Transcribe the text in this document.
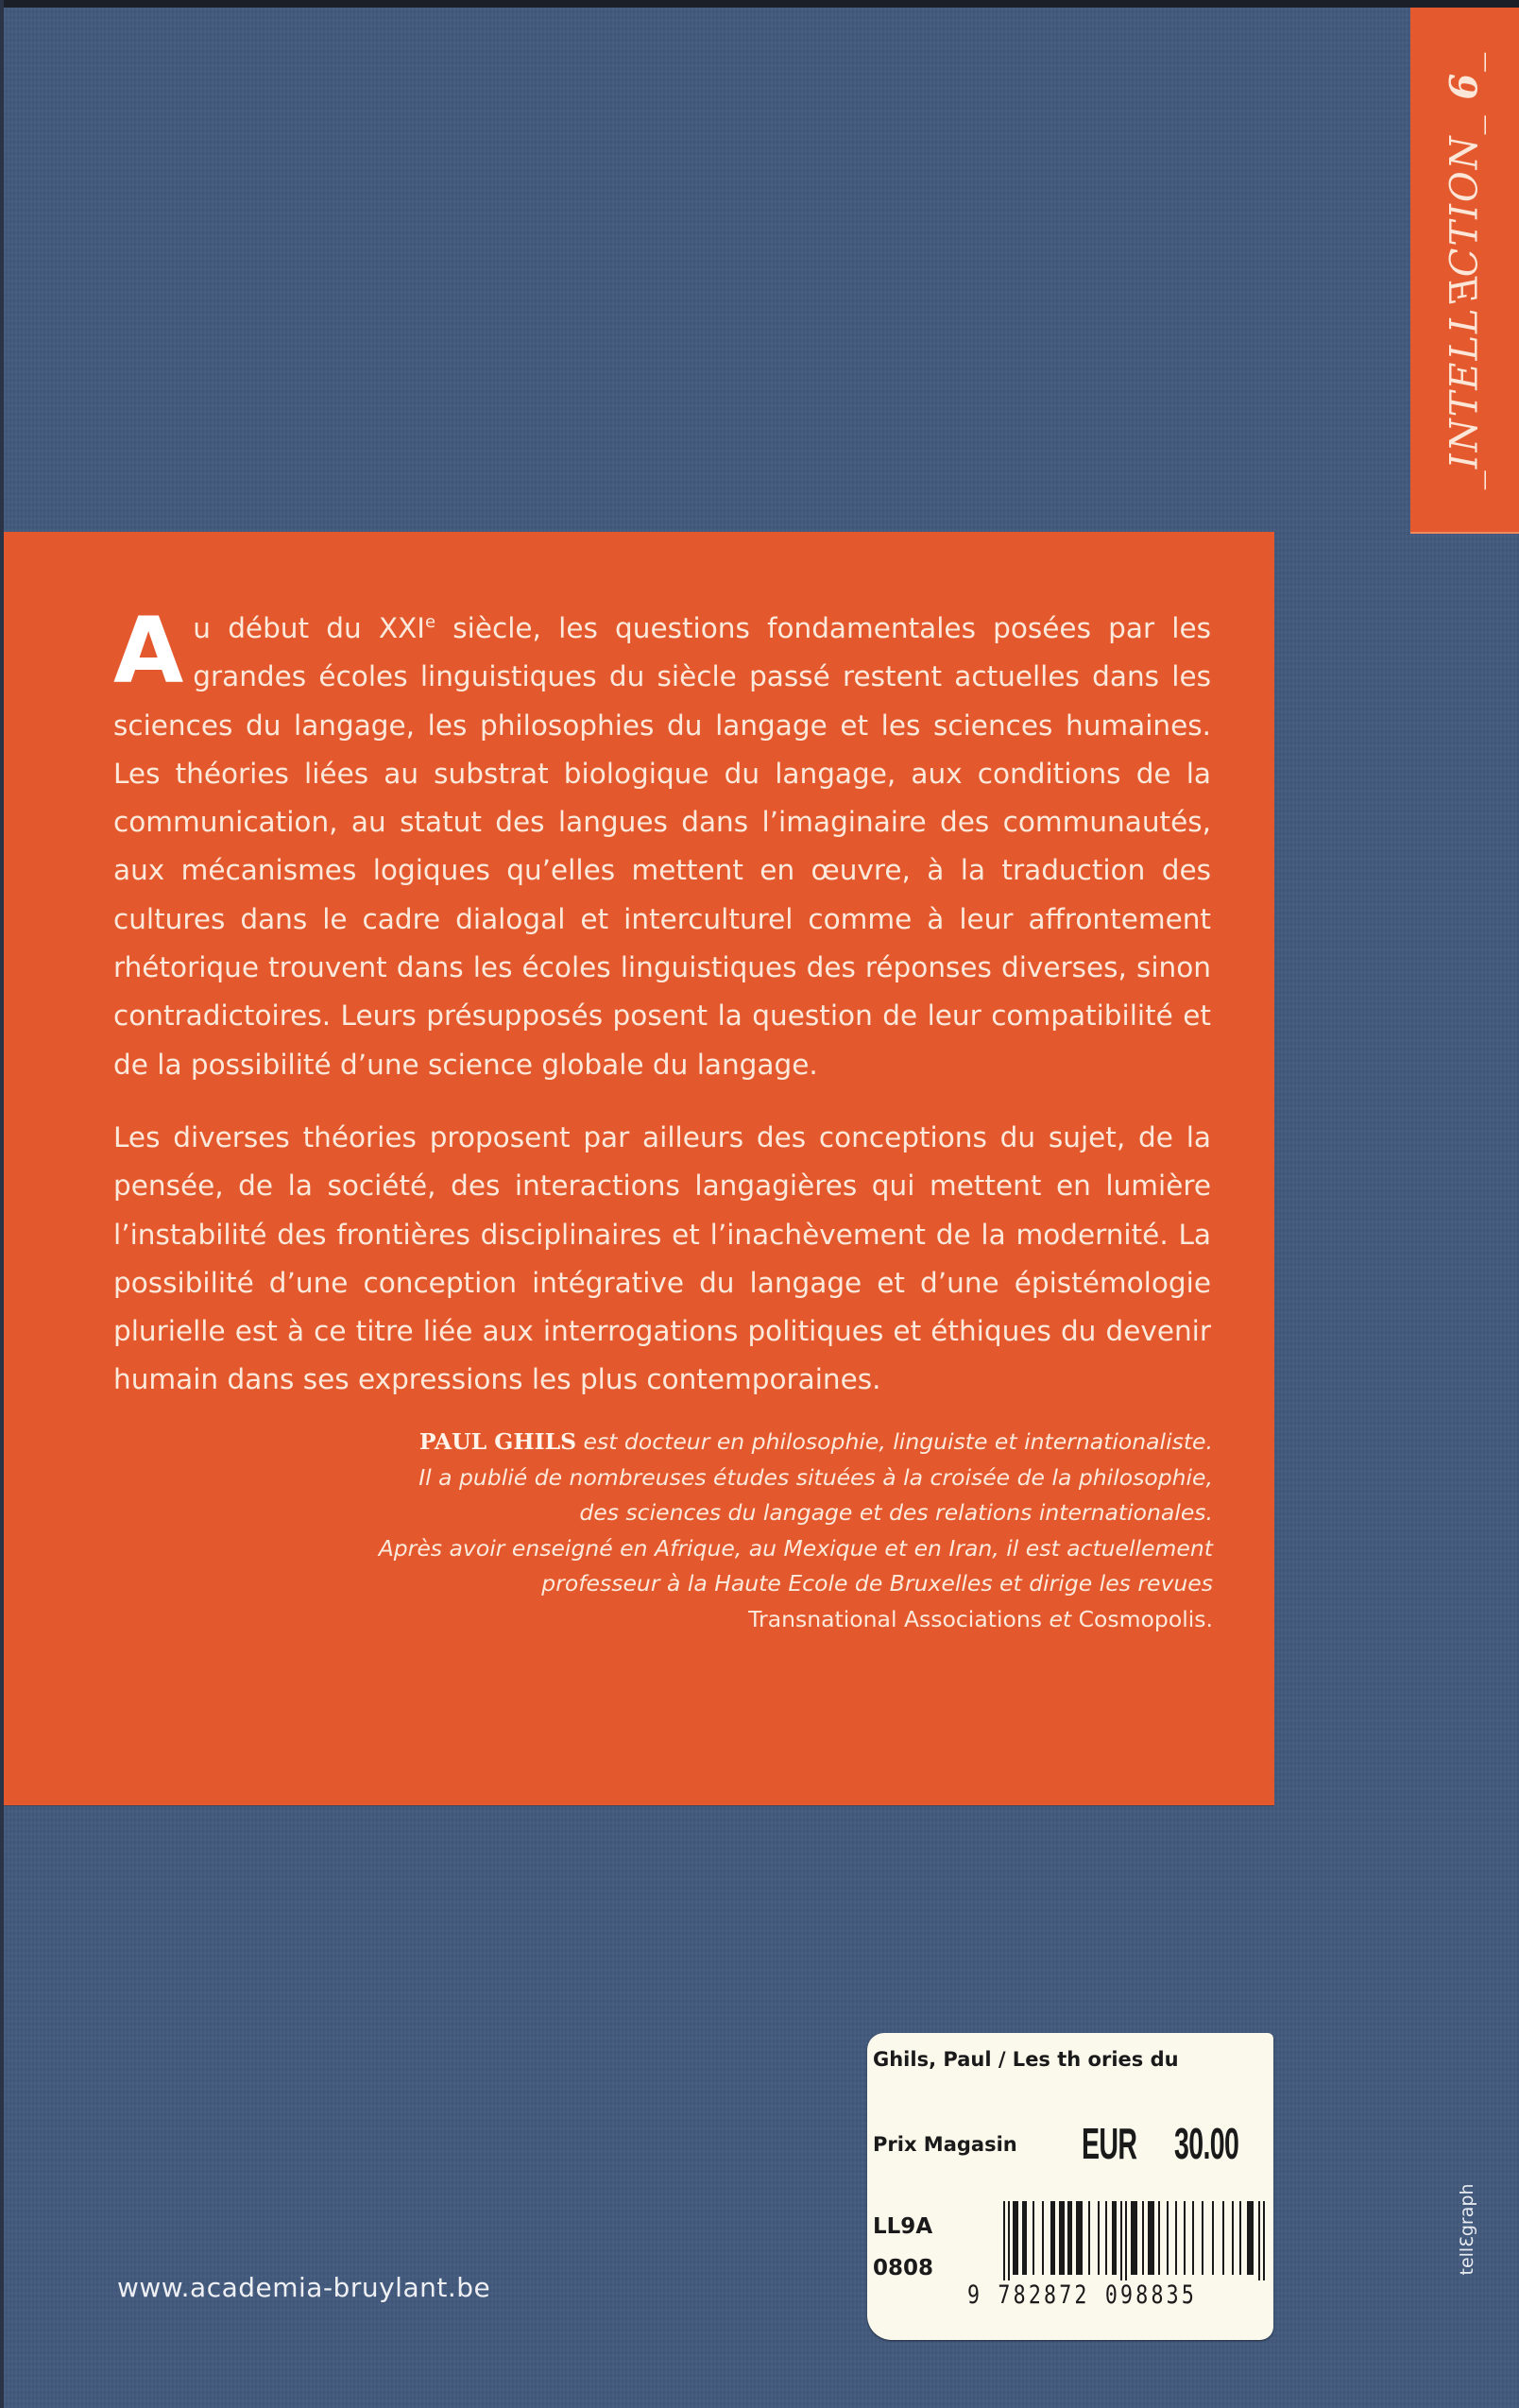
_INTELLECTION_ 6_

Au début du XXIe siècle, les questions fondamentales posées par les grandes écoles linguistiques du siècle passé restent actuelles dans les sciences du langage, les philosophies du langage et les sciences humaines. Les théories liées au substrat biologique du langage, aux conditions de la communication, au statut des langues dans l’imaginaire des communautés, aux mécanismes logiques qu’elles mettent en œuvre, à la traduction des cultures dans le cadre dialogal et interculturel comme à leur affrontement rhétorique trouvent dans les écoles linguistiques des réponses diverses, sinon contradictoires. Leurs présupposés posent la question de leur compatibilité et de la possibilité d’une science globale du langage.

Les diverses théories proposent par ailleurs des conceptions du sujet, de la pensée, de la société, des interactions langagières qui mettent en lumière l’instabilité des frontières disciplinaires et l’inachèvement de la modernité. La possibilité d’une conception intégrative du langage et d’une épistémologie plurielle est à ce titre liée aux interrogations politiques et éthiques du devenir humain dans ses expressions les plus contemporaines.

PAUL GHILS est docteur en philosophie, linguiste et internationaliste.
Il a publié de nombreuses études situées à la croisée de la philosophie,
des sciences du langage et des relations internationales.
Après avoir enseigné en Afrique, au Mexique et en Iran, il est actuellement
professeur à la Haute Ecole de Bruxelles et dirige les revues
Transnational Associations et Cosmopolis.
www.academia-bruylant.be
Ghils, Paul / Les th ories du
Prix Magasin EUR 30.00
LL9A
0808
9 782872 098835
tellƐgraph
